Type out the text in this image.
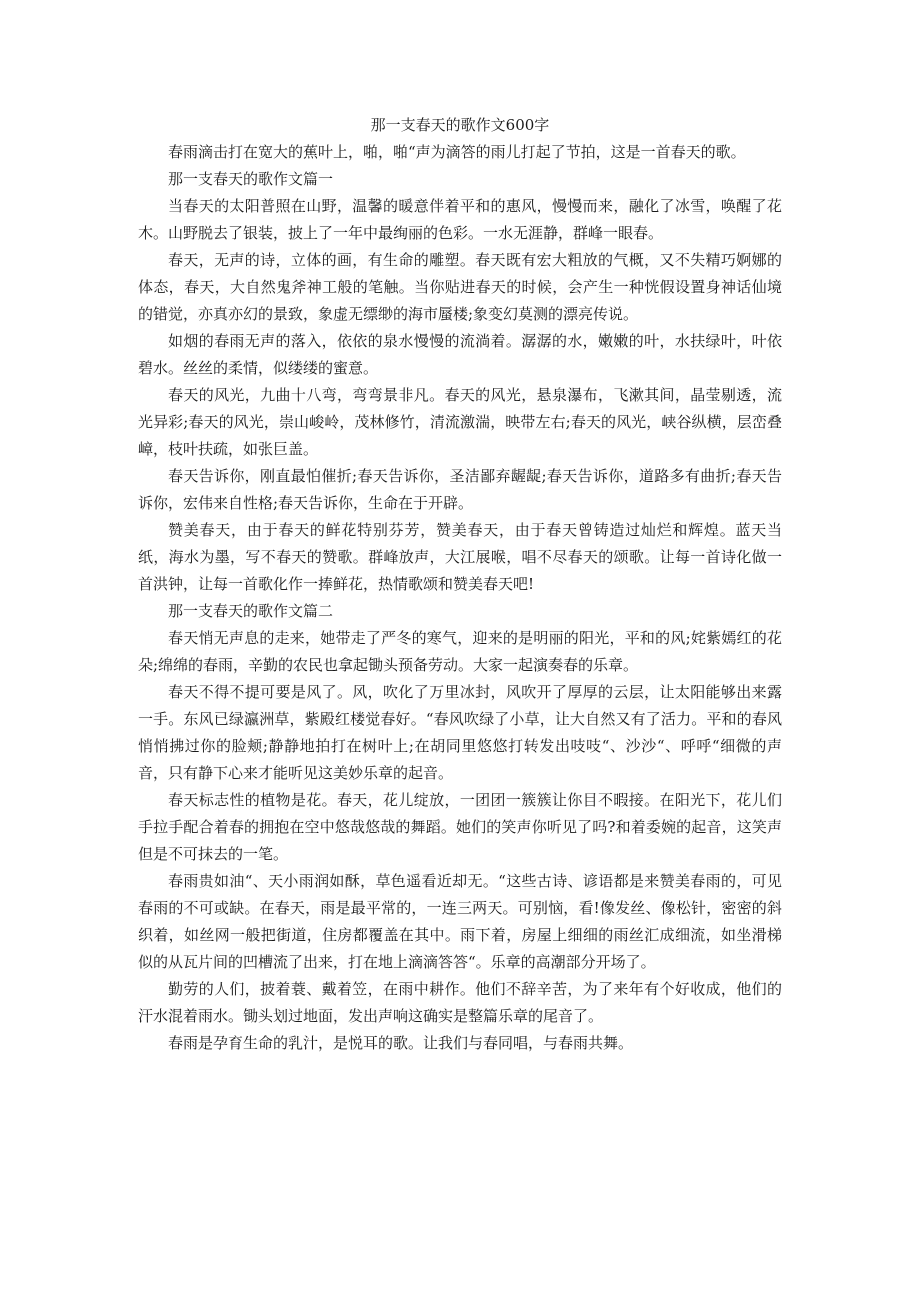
那一支春天的歌作文600字

春雨滴击打在宽大的蕉叶上，啪，啪“声为滴答的雨儿打起了节拍，这是一首春天的歌。

那一支春天的歌作文篇一

当春天的太阳普照在山野，温馨的暖意伴着平和的惠风，慢慢而来，融化了冰雪，唤醒了花木。山野脱去了银装，披上了一年中最绚丽的色彩。一水无涯静，群峰一眼春。

春天，无声的诗，立体的画，有生命的雕塑。春天既有宏大粗放的气概，又不失精巧婀娜的体态，春天，大自然鬼斧神工般的笔触。当你贴进春天的时候，会产生一种恍假设置身神话仙境的错觉，亦真亦幻的景致，象虚无缥缈的海市蜃楼;象变幻莫测的漂亮传说。

如烟的春雨无声的落入，依依的泉水慢慢的流淌着。潺潺的水，嫩嫩的叶，水扶绿叶，叶依碧水。丝丝的柔情，似缕缕的蜜意。

春天的风光，九曲十八弯，弯弯景非凡。春天的风光，悬泉瀑布，飞漱其间，晶莹剔透，流光异彩;春天的风光，崇山峻岭，茂林修竹，清流激湍，映带左右;春天的风光，峡谷纵横，层峦叠嶂，枝叶扶疏，如张巨盖。

春天告诉你，刚直最怕催折;春天告诉你，圣洁鄙弃龌龊;春天告诉你，道路多有曲折;春天告诉你，宏伟来自性格;春天告诉你，生命在于开辟。

赞美春天，由于春天的鲜花特别芬芳，赞美春天，由于春天曾铸造过灿烂和辉煌。蓝天当纸，海水为墨，写不春天的赞歌。群峰放声，大江展喉，唱不尽春天的颂歌。让每一首诗化做一首洪钟，让每一首歌化作一捧鲜花，热情歌颂和赞美春天吧!

那一支春天的歌作文篇二

春天悄无声息的走来，她带走了严冬的寒气，迎来的是明丽的阳光，平和的风;姹紫嫣红的花朵;绵绵的春雨，辛勤的农民也拿起锄头预备劳动。大家一起演奏春的乐章。

春天不得不提可要是风了。风，吹化了万里冰封，风吹开了厚厚的云层，让太阳能够出来露一手。东风已绿瀛洲草，紫殿红楼觉春好。“春风吹绿了小草，让大自然又有了活力。平和的春风悄悄拂过你的脸颊;静静地拍打在树叶上;在胡同里悠悠打转发出吱吱“、沙沙“、呼呼“细微的声音，只有静下心来才能听见这美妙乐章的起音。

春天标志性的植物是花。春天，花儿绽放，一团团一簇簇让你目不暇接。在阳光下，花儿们手拉手配合着春的拥抱在空中悠哉悠哉的舞蹈。她们的笑声你听见了吗?和着委婉的起音，这笑声但是不可抹去的一笔。

春雨贵如油“、天小雨润如酥，草色遥看近却无。“这些古诗、谚语都是来赞美春雨的，可见春雨的不可或缺。在春天，雨是最平常的，一连三两天。可别恼，看!像发丝、像松针，密密的斜织着，如丝网一般把街道，住房都覆盖在其中。雨下着，房屋上细细的雨丝汇成细流，如坐滑梯似的从瓦片间的凹槽流了出来，打在地上滴滴答答“。乐章的高潮部分开场了。

勤劳的人们，披着蓑、戴着笠，在雨中耕作。他们不辞辛苦，为了来年有个好收成，他们的汗水混着雨水。锄头划过地面，发出声响这确实是整篇乐章的尾音了。

春雨是孕育生命的乳汁，是悦耳的歌。让我们与春同唱，与春雨共舞。
